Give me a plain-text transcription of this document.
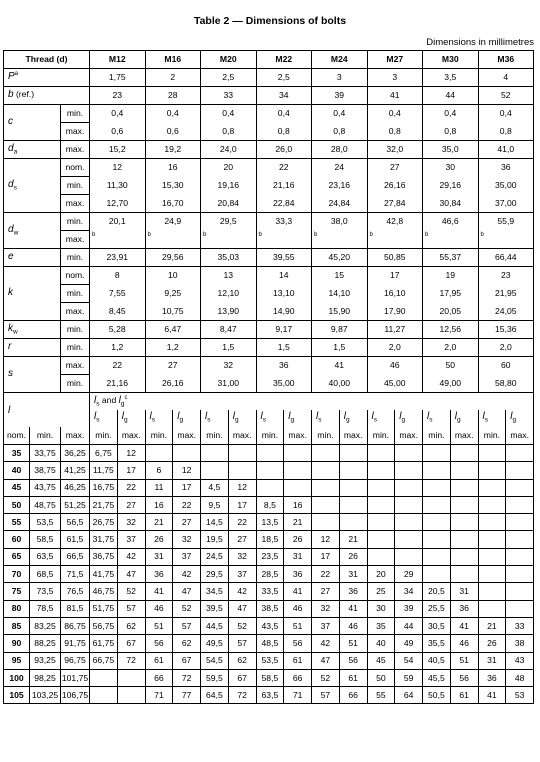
Table 2 — Dimensions of bolts
Dimensions in millimetres
Thread (d)			M12		M16		M20		M22		M24		M27		M30		M36	
$P^a$			1,75		2		2,5		2,5		3		3		3,5		4	
b (ref.)			23		28		33		34		39		41		44		52	
c		min.	0,4		0,4		0,4		0,4		0,4		0,4		0,4		0,4	
		max.	0,6		0,6		0,8		0,8		0,8		0,8		0,8		0,8	
$d_a$		max.	15,2		19,2		24,0		26,0		28,0		32,0		35,0		41,0	
$d_s$		nom.	12		16		20		22		24		27		30		36	
		min.	11,30		15,30		19,16		21,16		23,16		26,16		29,16		35,00	
		max.	12,70		16,70		20,84		22,84		24,84		27,84		30,84		37,00	
$d_w$		min.	20,1		24,9		29,5		33,3		38,0		42,8		46,6		55,9	
		max.	b		b		b		b		b		b		b		b	
e		min.	23,91		29,56		35,03		39,55		45,20		50,85		55,37		66,44	
k		nom.	8		10		13		14		15		17		19		23	
		min.	7,55		9,25		12,10		13,10		14,10		16,10		17,95		21,95	
		max.	8,45		10,75		13,90		14,90		15,90		17,90		20,05		24,05	
$k_w$		min.	5,28		6,47		8,47		9,17		9,87		11,27		12,56		15,36	
r		min.	1,2		1,2		1,5		1,5		1,5		2,0		2,0		2,0	
s		max.	22		27		32		36		41		46		50		60	
		min.	21,16		26,16		31,00		35,00		40,00		45,00		49,00		58,80	
l			$l_s$ and $l_g^c$
			$l_s$	$l_g$	$l_s$	$l_g$	$l_s$	$l_g$	$l_s$	$l_g$	$l_s$	$l_g$	$l_s$	$l_g$	$l_s$	$l_g$	$l_s$	$l_g$
nom.	min.	max.	min.	max.	min.	max.	min.	max.	min.	max.	min.	max.	min.	max.	min.	max.	min.	max.
35	33,75	36,25	6,75	12														
40	38,75	41,25	11,75	17	6	12												
45	43,75	46,25	16,75	22	11	17	4,5	12										
50	48,75	51,25	21,75	27	16	22	9,5	17	8,5	16								
55	53,5	56,5	26,75	32	21	27	14,5	22	13,5	21								
60	58,5	61,5	31,75	37	26	32	19,5	27	18,5	26	12	21						
65	63,5	66,5	36,75	42	31	37	24,5	32	23,5	31	17	26						
70	68,5	71,5	41,75	47	36	42	29,5	37	28,5	36	22	31	20	29				
75	73,5	76,5	46,75	52	41	47	34,5	42	33,5	41	27	36	25	34	20,5	31		
80	78,5	81,5	51,75	57	46	52	39,5	47	38,5	46	32	41	30	39	25,5	36		
85	83,25	86,75	56,75	62	51	57	44,5	52	43,5	51	37	46	35	44	30,5	41	21	33
90	88,25	91,75	61,75	67	56	62	49,5	57	48,5	56	42	51	40	49	35,5	46	26	38
95	93,25	96,75	66,75	72	61	67	54,5	62	53,5	61	47	56	45	54	40,5	51	31	43
100	98,25	101,75			66	72	59,5	67	58,5	66	52	61	50	59	45,5	56	36	48
105	103,25	106,75			71	77	64,5	72	63,5	71	57	66	55	64	50,5	61	41	53
